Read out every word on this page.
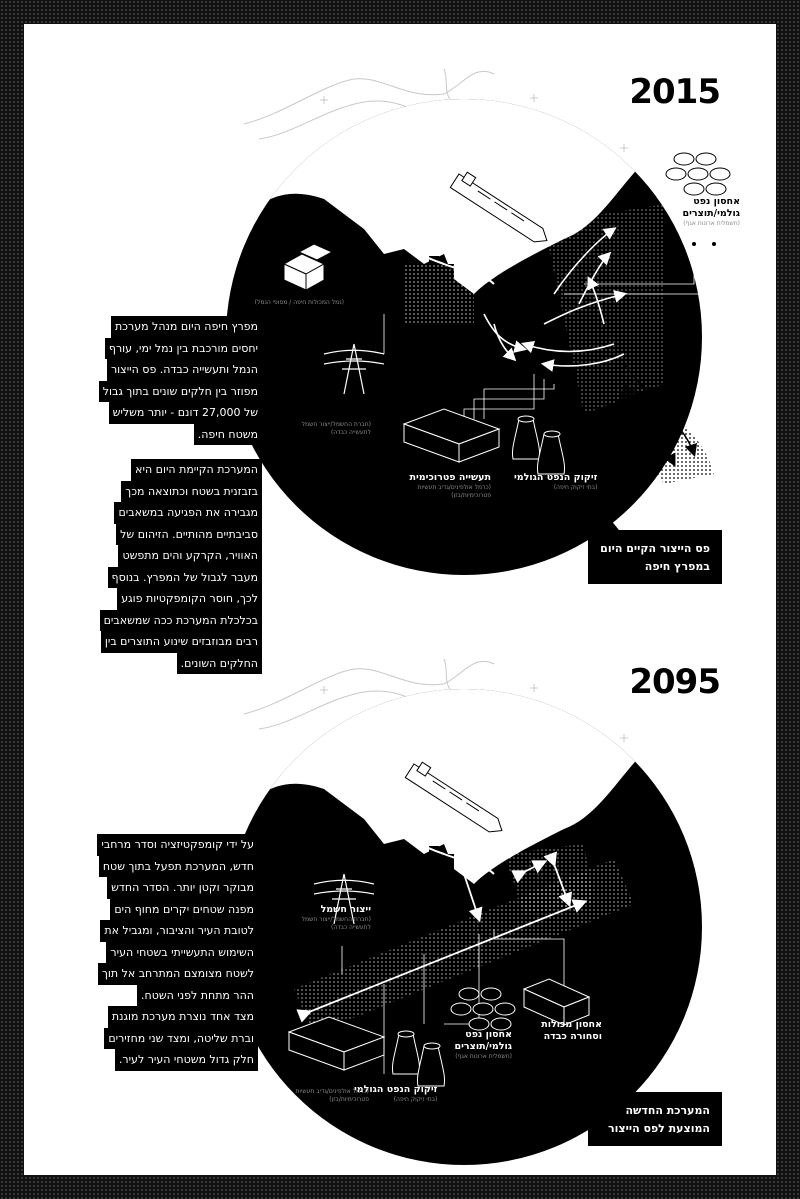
2015
מפרץ חיפה היום מנהל מערכת
יחסים מורכבת בין נמל ימי, עורף
הנמל ותעשייה כבדה. פס הייצור
מפוזר בין חלקים שונים בתוך גבול
של 27,000 דונם - יותר משליש
משטח חיפה.
המערכת הקיימת היום היא
בזבזנית בשטח וכתוצאה מכך
מגבירה את הפגיעה במשאבים
סביבתיים מהותיים. הזיהום של
האוויר, הקרקע והים מתפשט
מעבר לגבול של המפרץ. בנוסף
לכך, חוסר הקומפקטיות פוגע
בכלכלת המערכת ככה שמשאבים
רבים מבוזבזים שינוע התוצרים בין
החלקים השונים.
אחסון נפט גולמי/תוצרים
(חשמלית ארונות אגף)
אחסון מטענים
(נמל המכולות חיפה / מסופי הנמל)
ייצור חשמל
(חברת החשמל/ייצור חשמל לתעשייה כבדה)
תעשייה פטרוכימית
(כרמל אולפינים/גדיב תעשיות פטרוכימיות/בזן)
זיקוק הנפט הגולמי
(בתי זיקוק חיפה)
פס הייצור הקיים היום
במפרץ חיפה
2095
על ידי קומפקטיזציה וסדר מרחבי
חדש, המערכת תפעל בתוך שטח
מבוקר וקטן יותר. הסדר החדש
מפנה שטחים יקרים מחוף הים
לטובת העיר והציבור, ומגביל את
השימוש התעשייתי בשטחי העיר
לשטח מצומצם המתרחב אל תוך
ההר מתחת לפני השטח.
מצד אחד נוצרת מערכת מוגנת
וברת שליטה, ומצד שני מחזירים
חלק גדול משטחי העיר לעיר.
ייצור חשמל
(חברת החשמל/ייצור חשמל לתעשייה כבדה)
אחסון מכולות וסחורה כבדה
אחסון נפט גולמי/תוצרים
(חשמלית ארונות אגף)
זיקוק הנפט הגולמי
(בתי זיקוק חיפה)
תעשייה פטרוכימית
(כרמל אולפינים/גדיב תעשיות פטרוכימיות/בזן)
המערכת החדשה
המוצעת לפס הייצור
